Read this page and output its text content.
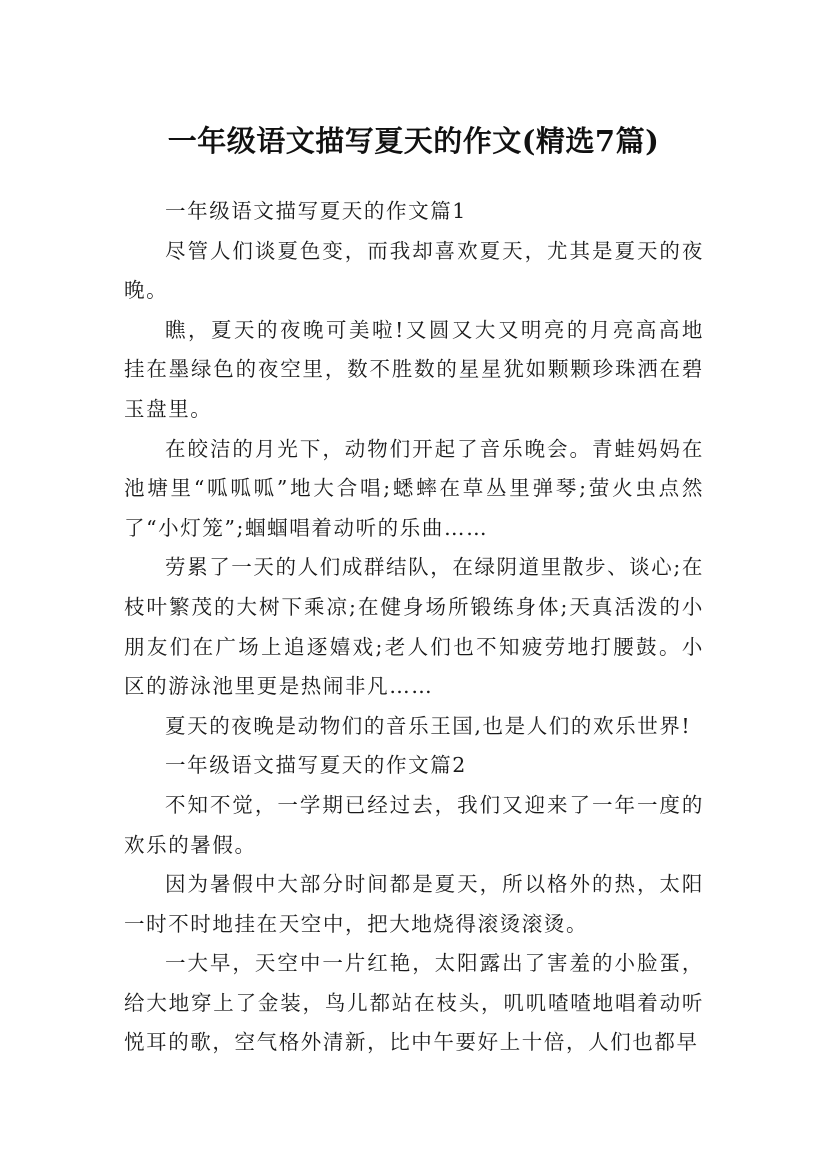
一年级语文描写夏天的作文(精选7篇)

一年级语文描写夏天的作文篇1

尽管人们谈夏色变，而我却喜欢夏天，尤其是夏天的夜晚。

瞧，夏天的夜晚可美啦!又圆又大又明亮的月亮高高地挂在墨绿色的夜空里，数不胜数的星星犹如颗颗珍珠洒在碧玉盘里。

在皎洁的月光下，动物们开起了音乐晚会。青蛙妈妈在池塘里“呱呱呱”地大合唱;蟋蟀在草丛里弹琴;萤火虫点然了“小灯笼”;蝈蝈唱着动听的乐曲……

劳累了一天的人们成群结队，在绿阴道里散步、谈心;在枝叶繁茂的大树下乘凉;在健身场所锻练身体;天真活泼的小朋友们在广场上追逐嬉戏;老人们也不知疲劳地打腰鼓。小区的游泳池里更是热闹非凡……

夏天的夜晚是动物们的音乐王国,也是人们的欢乐世界!

一年级语文描写夏天的作文篇2

不知不觉，一学期已经过去，我们又迎来了一年一度的欢乐的暑假。

因为暑假中大部分时间都是夏天，所以格外的热，太阳一时不时地挂在天空中，把大地烧得滚烫滚烫。

一大早，天空中一片红艳，太阳露出了害羞的小脸蛋，给大地穿上了金装，鸟儿都站在枝头，叽叽喳喳地唱着动听悦耳的歌，空气格外清新，比中午要好上十倍，人们也都早
